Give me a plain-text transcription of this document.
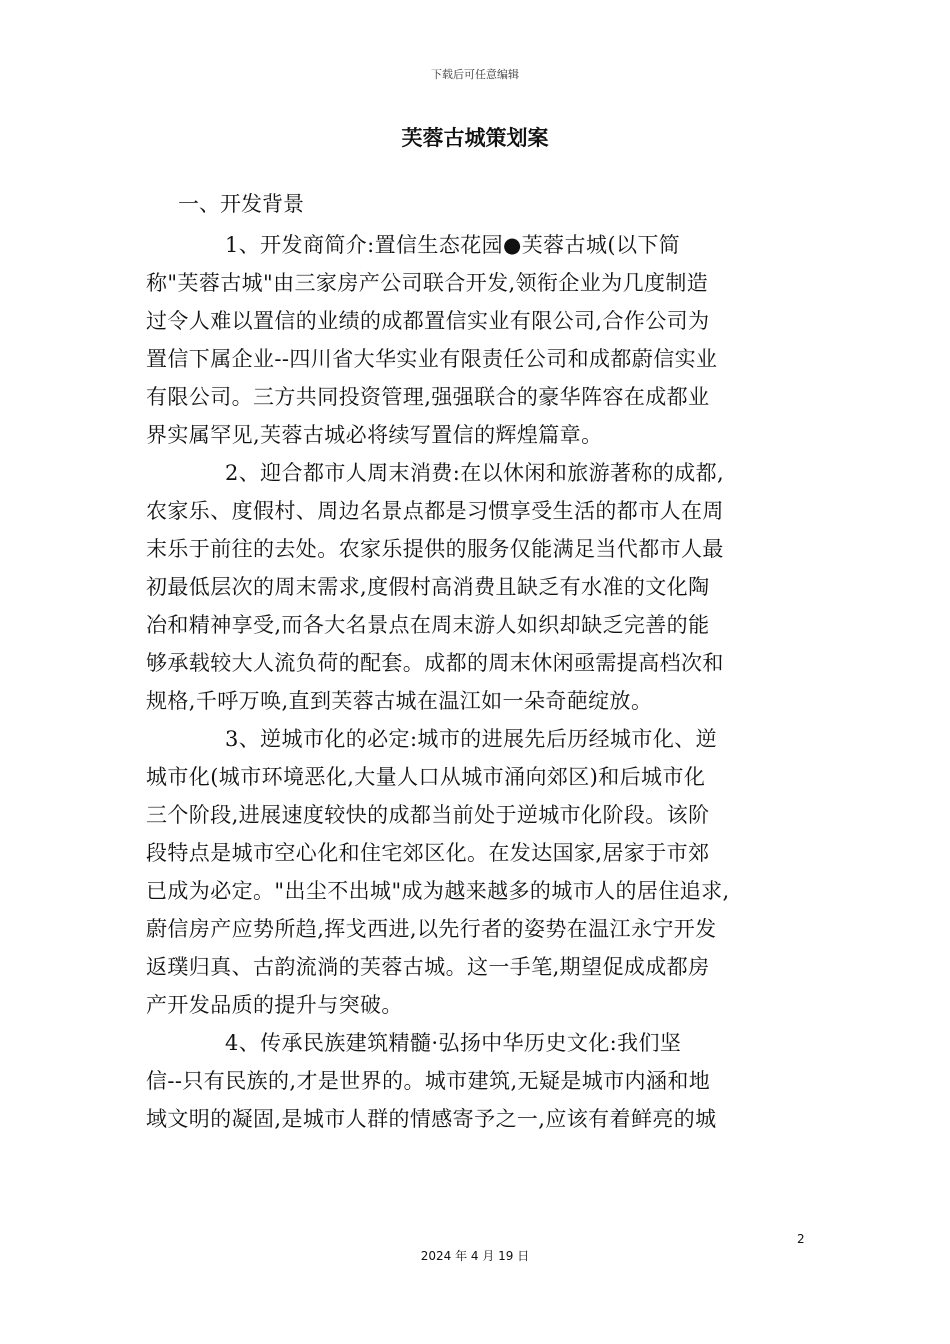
下载后可任意编辑
芙蓉古城策划案
一、开发背景
1、开发商简介:置信生态花园●芙蓉古城(以下简
称"芙蓉古城"由三家房产公司联合开发,领衔企业为几度制造
过令人难以置信的业绩的成都置信实业有限公司,合作公司为
置信下属企业--四川省大华实业有限责任公司和成都蔚信实业
有限公司。三方共同投资管理,强强联合的豪华阵容在成都业
界实属罕见,芙蓉古城必将续写置信的辉煌篇章。
2、迎合都市人周末消费:在以休闲和旅游著称的成都,
农家乐、度假村、周边名景点都是习惯享受生活的都市人在周
末乐于前往的去处。农家乐提供的服务仅能满足当代都市人最
初最低层次的周末需求,度假村高消费且缺乏有水准的文化陶
冶和精神享受,而各大名景点在周末游人如织却缺乏完善的能
够承载较大人流负荷的配套。成都的周末休闲亟需提高档次和
规格,千呼万唤,直到芙蓉古城在温江如一朵奇葩绽放。
3、逆城市化的必定:城市的进展先后历经城市化、逆
城市化(城市环境恶化,大量人口从城市涌向郊区)和后城市化
三个阶段,进展速度较快的成都当前处于逆城市化阶段。该阶
段特点是城市空心化和住宅郊区化。在发达国家,居家于市郊
已成为必定。"出尘不出城"成为越来越多的城市人的居住追求,
蔚信房产应势所趋,挥戈西进,以先行者的姿势在温江永宁开发
返璞归真、古韵流淌的芙蓉古城。这一手笔,期望促成成都房
产开发品质的提升与突破。
4、传承民族建筑精髓·弘扬中华历史文化:我们坚
信--只有民族的,才是世界的。城市建筑,无疑是城市内涵和地
域文明的凝固,是城市人群的情感寄予之一,应该有着鲜亮的城
2
2024 年 4 月 19 日
